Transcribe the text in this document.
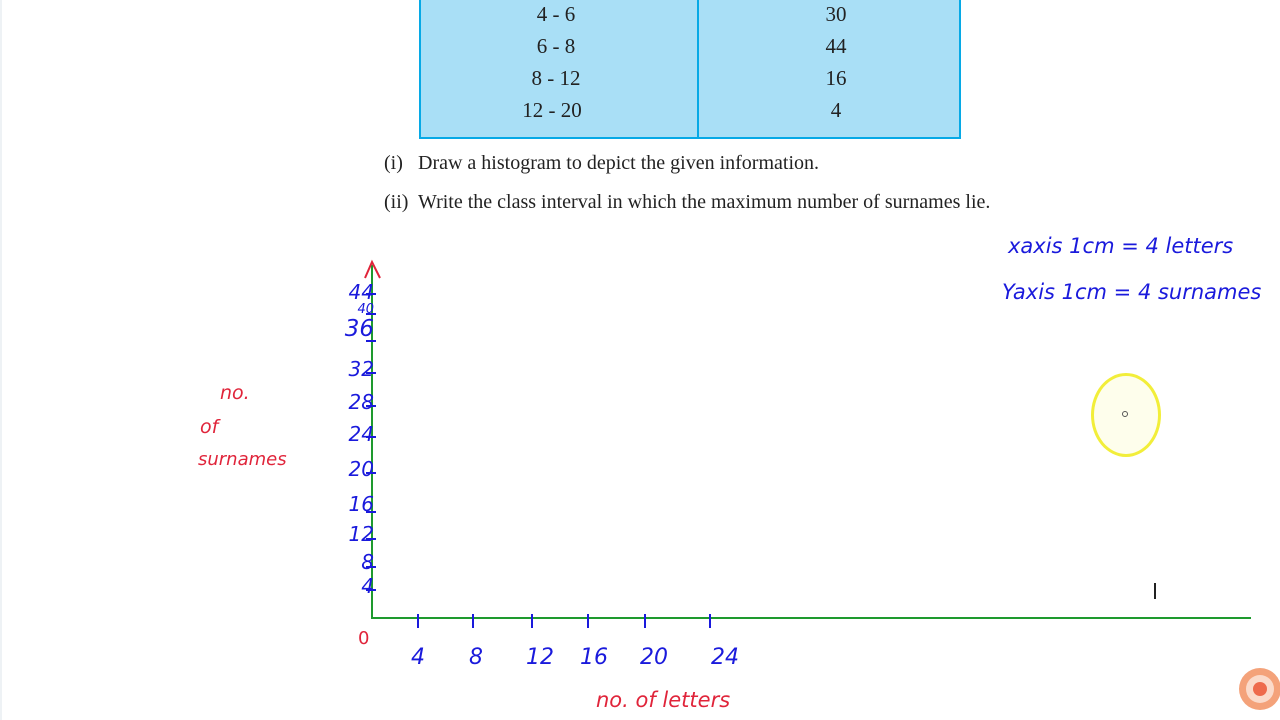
4 - 6	30
6 - 8	44
8 - 12	16
12 - 20	4
(i) Draw a histogram to depict the given information.
(ii) Write the class interval in which the maximum number of surnames lie.
xaxis 1cm = 4 letters
Yaxis 1cm = 4 surnames
0
44
40
36
32
28
24
20
16
12
8
4
4 8 12 16 20 24
no.
of
surnames
no. of letters
